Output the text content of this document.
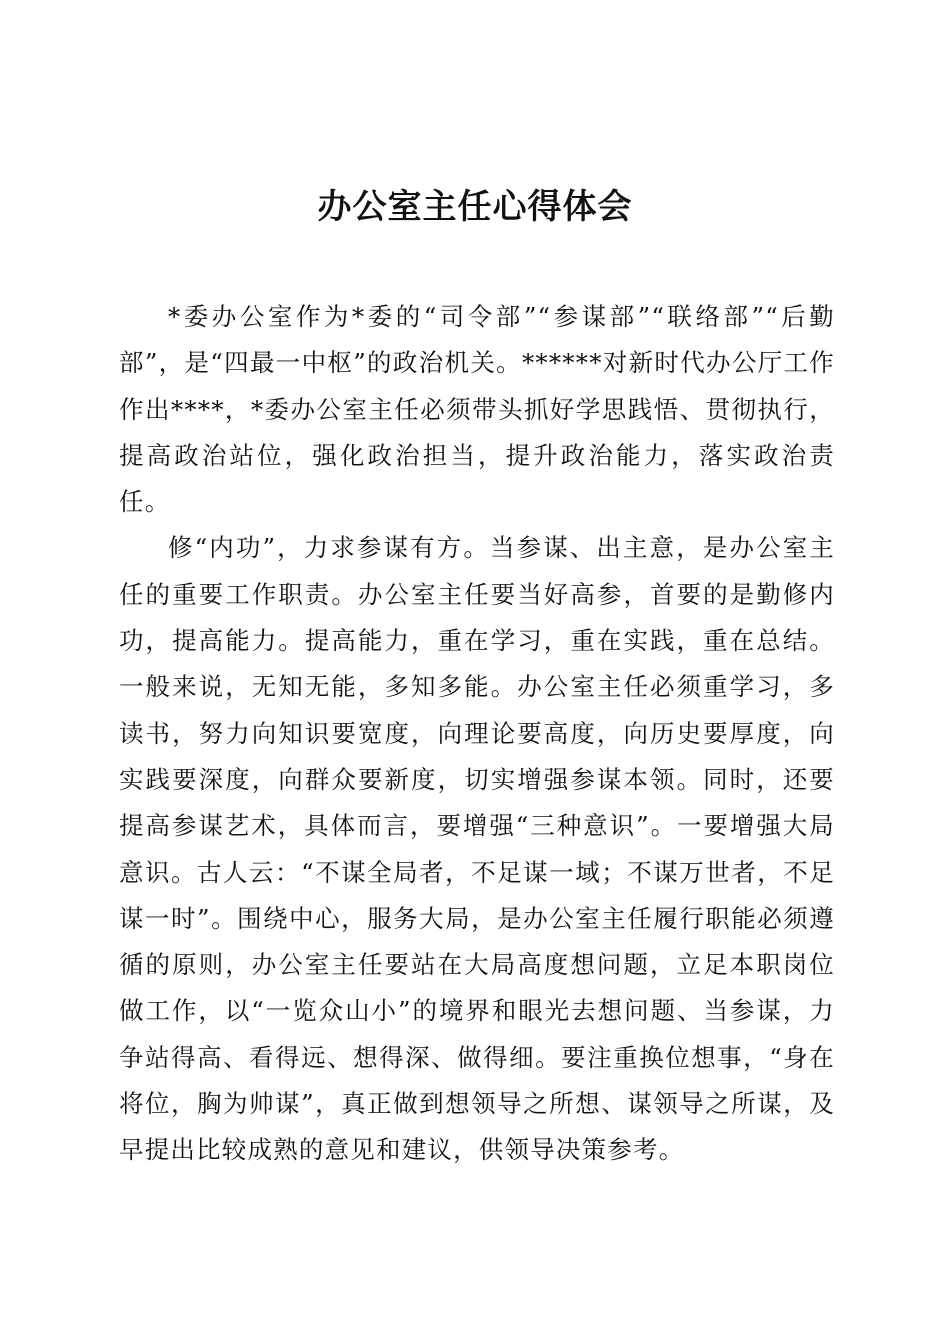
办公室主任心得体会

*委办公室作为*委的“司令部”“参谋部”“联络部”“后勤部”，是“四最一中枢”的政治机关。******对新时代办公厅工作作出****，*委办公室主任必须带头抓好学思践悟、贯彻执行，提高政治站位，强化政治担当，提升政治能力，落实政治责任。

修“内功”，力求参谋有方。当参谋、出主意，是办公室主任的重要工作职责。办公室主任要当好高参，首要的是勤修内功，提高能力。提高能力，重在学习，重在实践，重在总结。一般来说，无知无能，多知多能。办公室主任必须重学习，多读书，努力向知识要宽度，向理论要高度，向历史要厚度，向实践要深度，向群众要新度，切实增强参谋本领。同时，还要提高参谋艺术，具体而言，要增强“三种意识”。一要增强大局意识。古人云：“不谋全局者，不足谋一域；不谋万世者，不足谋一时”。围绕中心，服务大局，是办公室主任履行职能必须遵循的原则，办公室主任要站在大局高度想问题，立足本职岗位做工作，以“一览众山小”的境界和眼光去想问题、当参谋，力争站得高、看得远、想得深、做得细。要注重换位想事，“身在将位，胸为帅谋”，真正做到想领导之所想、谋领导之所谋，及早提出比较成熟的意见和建议，供领导决策参考。
